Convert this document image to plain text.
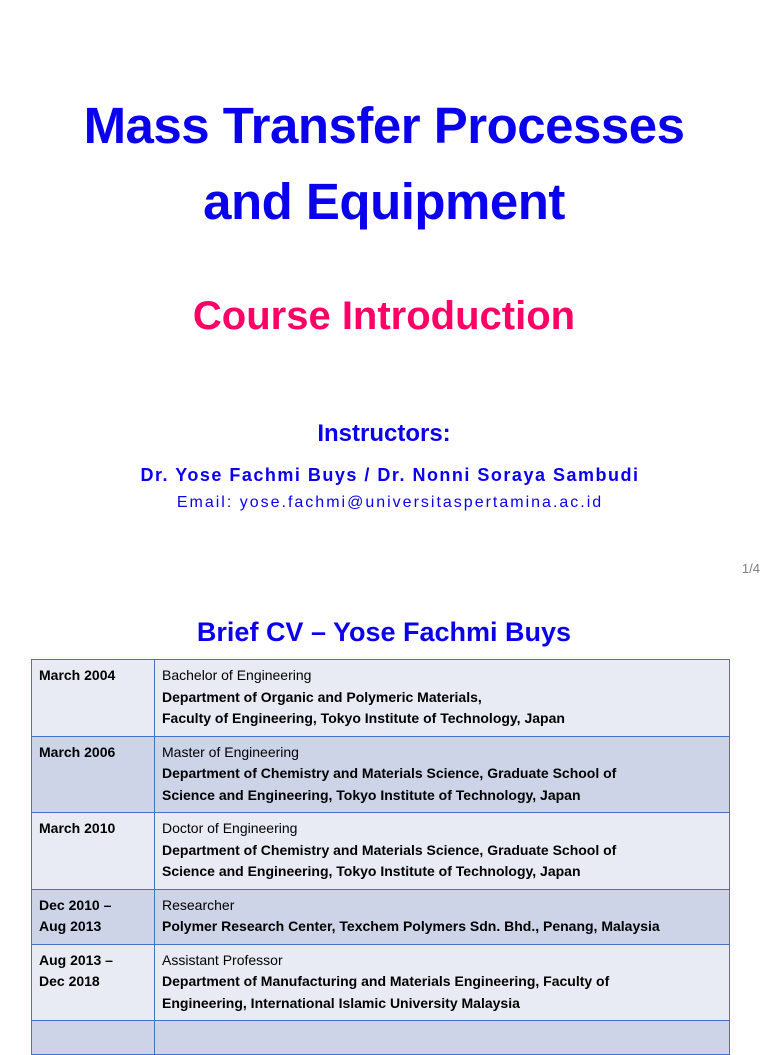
Mass Transfer Processes
and Equipment
Course Introduction
Instructors:
Dr. Yose Fachmi Buys / Dr. Nonni Soraya Sambudi
Email: yose.fachmi@universitaspertamina.ac.id
1/4
Brief CV – Yose Fachmi Buys
March 2004	Bachelor of Engineering
Department of Organic and Polymeric Materials,
Faculty of Engineering, Tokyo Institute of Technology, Japan

March 2006	Master of Engineering
Department of Chemistry and Materials Science, Graduate School of
Science and Engineering, Tokyo Institute of Technology, Japan

March 2010	Doctor of Engineering
Department of Chemistry and Materials Science, Graduate School of
Science and Engineering, Tokyo Institute of Technology, Japan

Dec 2010 –
Aug 2013	Researcher
Polymer Research Center, Texchem Polymers Sdn. Bhd., Penang, Malaysia

Aug 2013 –
Dec 2018	Assistant Professor
Department of Manufacturing and Materials Engineering, Faculty of
Engineering, International Islamic University Malaysia
